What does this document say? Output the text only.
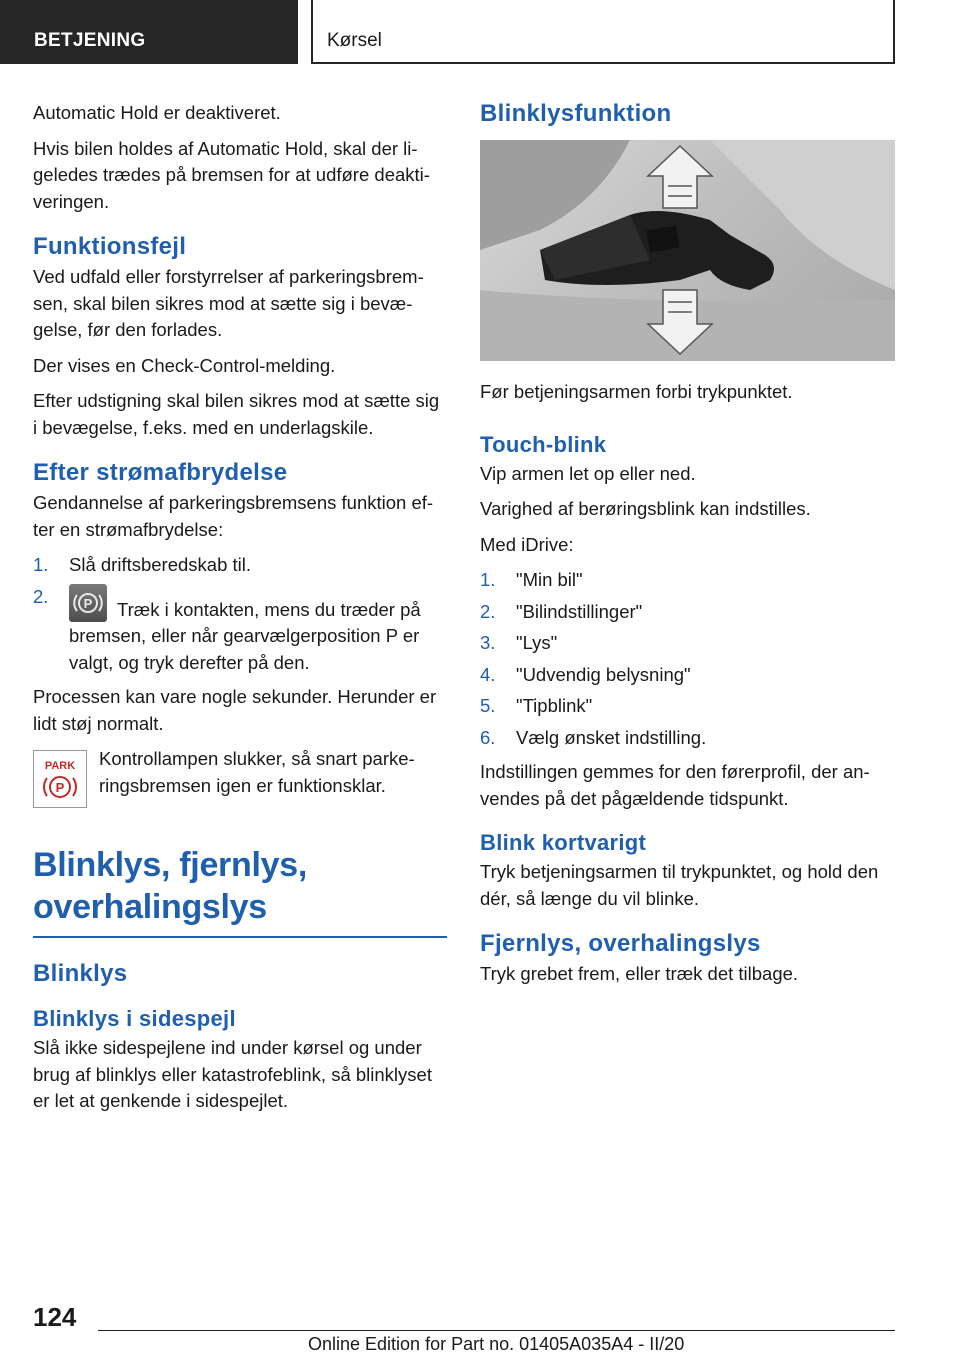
BETJENING	Kørsel

Automatic Hold er deaktiveret.

Hvis bilen holdes af Automatic Hold, skal der ligeledes trædes på bremsen for at udføre deaktiveringen.

Funktionsfejl

Ved udfald eller forstyrrelser af parkeringsbremsen, skal bilen sikres mod at sætte sig i bevægelse, før den forlades.

Der vises en Check-Control-melding.

Efter udstigning skal bilen sikres mod at sætte sig i bevægelse, f.eks. med en underlagskile.

Efter strømafbrydelse

Gendannelse af parkeringsbremsens funktion efter en strømafbrydelse:

1. Slå driftsberedskab til.
2.	P Træk i kontakten, mens du træder på bremsen, eller når gearvælgerposition P er valgt, og tryk derefter på den.

Processen kan vare nogle sekunder. Herunder er lidt støj normalt.

PARK
P

Kontrollampen slukker, så snart parkeringsbremsen igen er funktionsklar.

Blinklys, fjernlys, overhalingslys
Blinklys
Blinklys i sidespejl

Slå ikke sidespejlene ind under kørsel og under brug af blinklys eller katastrofeblink, så blinklyset er let at genkende i sidespejlet.

Blinklysfunktion

Før betjeningsarmen forbi trykpunktet.

Touch-blink

Vip armen let op eller ned.

Varighed af berøringsblink kan indstilles.

Med iDrive:

1. "Min bil"
2. "Bilindstillinger"
3. "Lys"
4. "Udvendig belysning"
5. "Tipblink"
6. Vælg ønsket indstilling.

Indstillingen gemmes for den førerprofil, der anvendes på det pågældende tidspunkt.

Blink kortvarigt

Tryk betjeningsarmen til trykpunktet, og hold den dér, så længe du vil blinke.

Fjernlys, overhalingslys

Tryk grebet frem, eller træk det tilbage.

124
Online Edition for Part no. 01405A035A4 - II/20
